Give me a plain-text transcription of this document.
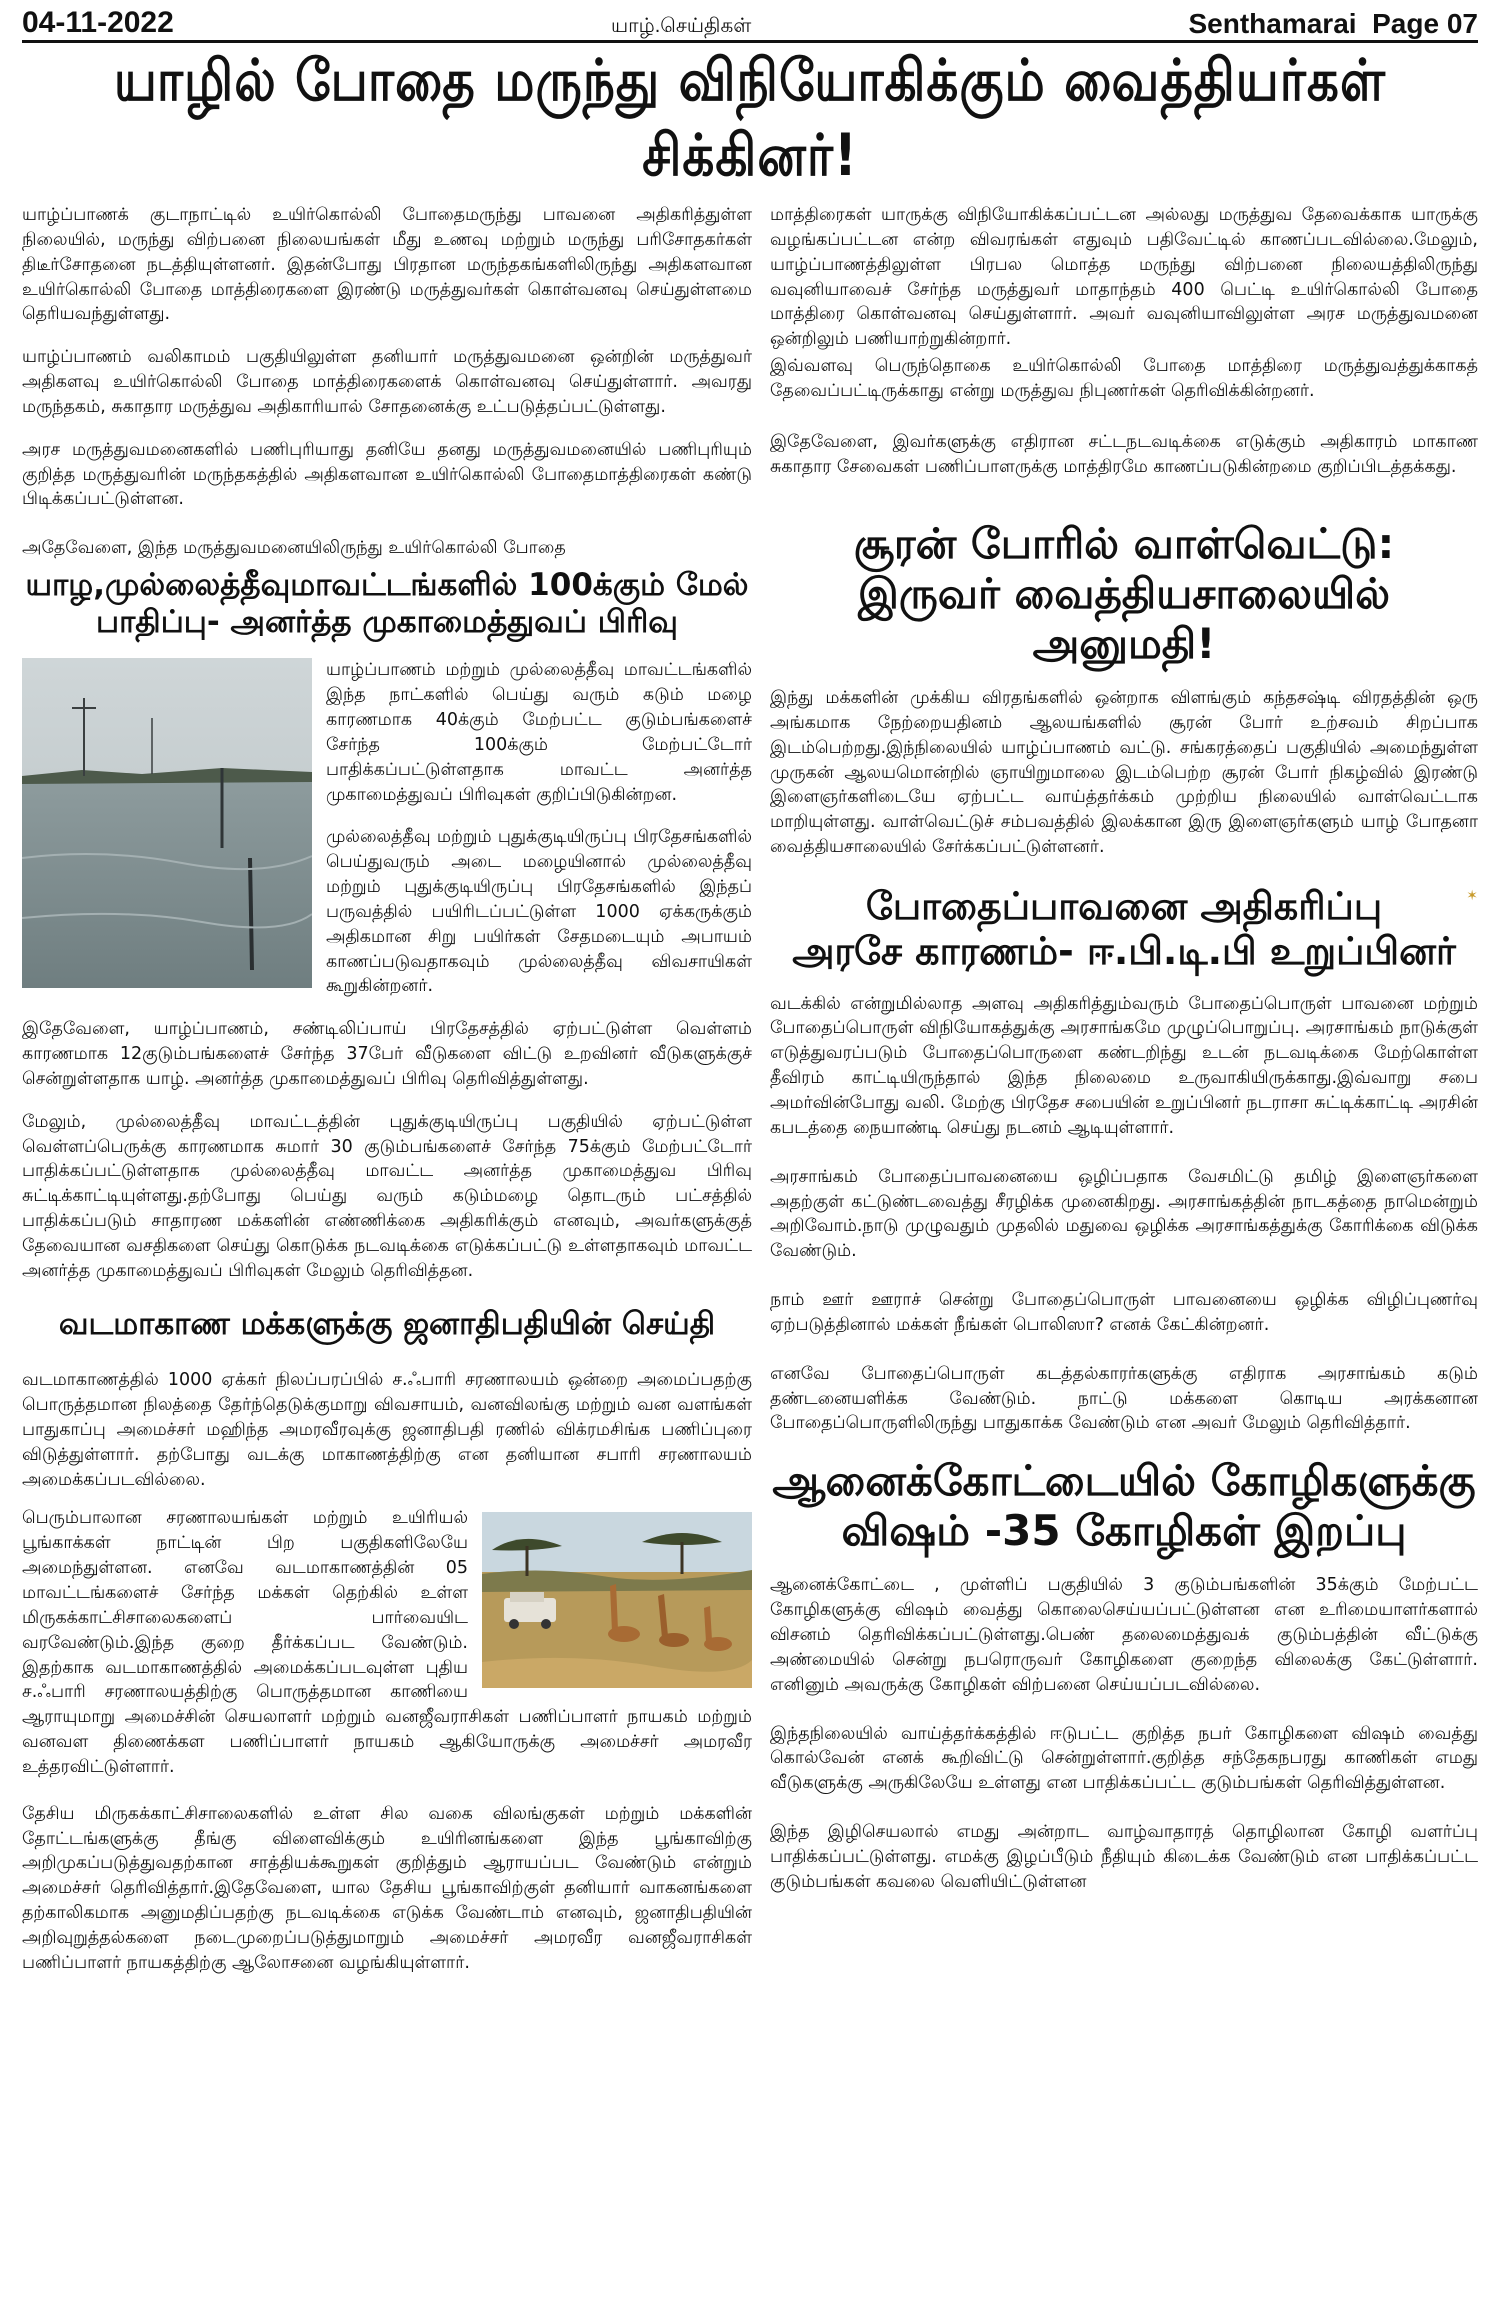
04-11-2022	யாழ்.செய்திகள்	Senthamarai Page 07
யாழில் போதை மருந்து விநியோகிக்கும் வைத்தியர்கள் சிக்கினர்!

யாழ்ப்பாணக் குடாநாட்டில் உயிர்கொல்லி போதைமருந்து பாவனை அதிகரித்துள்ள நிலையில், மருந்து விற்பனை நிலையங்கள் மீது உணவு மற்றும் மருந்து பரிசோதகர்கள் திடீர்சோதனை நடத்தியுள்ளனர். இதன்போது பிரதான மருந்தகங்களிலிருந்து அதிகளவான உயிர்கொல்லி போதை மாத்திரைகளை இரண்டு மருத்துவர்கள் கொள்வனவு செய்துள்ளமை தெரியவந்துள்ளது.

யாழ்ப்பாணம் வலிகாமம் பகுதியிலுள்ள தனியார் மருத்துவமனை ஒன்றின் மருத்துவர் அதிகளவு உயிர்கொல்லி போதை மாத்திரைகளைக் கொள்வனவு செய்துள்ளார். அவரது மருந்தகம், சுகாதார மருத்துவ அதிகாரியால் சோதனைக்கு உட்படுத்தப்பட்டுள்ளது.

அரச மருத்துவமனைகளில் பணிபுரியாது தனியே தனது மருத்துவமனையில் பணிபுரியும் குறித்த மருத்துவரின் மருந்தகத்தில் அதிகளவான உயிர்கொல்லி போதைமாத்திரைகள் கண்டு பிடிக்கப்பட்டுள்ளன.

அதேவேளை, இந்த மருத்துவமனையிலிருந்து உயிர்கொல்லி போதை

யாழ,முல்லைத்தீவுமாவட்டங்களில் 100க்கும் மேல்
பாதிப்பு- அனர்த்த முகாமைத்துவப் பிரிவு

யாழ்ப்பாணம் மற்றும் முல்லைத்தீவு மாவட்டங்களில் இந்த நாட்களில் பெய்து வரும் கடும் மழை காரணமாக 40க்கும் மேற்பட்ட குடும்பங்களைச் சேர்ந்த 100க்கும் மேற்பட்டோர் பாதிக்கப்பட்டுள்ளதாக மாவட்ட அனர்த்த முகாமைத்துவப் பிரிவுகள் குறிப்பிடுகின்றன.

முல்லைத்தீவு மற்றும் புதுக்குடியிருப்பு பிரதேசங்களில் பெய்துவரும் அடை மழையினால் முல்லைத்தீவு மற்றும் புதுக்குடியிருப்பு பிரதேசங்களில் இந்தப் பருவத்தில் பயிரிடப்பட்டுள்ள 1000 ஏக்கருக்கும் அதிகமான சிறு பயிர்கள் சேதமடையும் அபாயம் காணப்படுவதாகவும் முல்லைத்தீவு விவசாயிகள் கூறுகின்றனர்.

இதேவேளை, யாழ்ப்பாணம், சண்டிலிப்பாய் பிரதேசத்தில் ஏற்பட்டுள்ள வெள்ளம் காரணமாக 12குடும்பங்களைச் சேர்ந்த 37பேர் வீடுகளை விட்டு உறவினர் வீடுகளுக்குச் சென்றுள்ளதாக யாழ். அனர்த்த முகாமைத்துவப் பிரிவு தெரிவித்துள்ளது.

மேலும், முல்லைத்தீவு மாவட்டத்தின் புதுக்குடியிருப்பு பகுதியில் ஏற்பட்டுள்ள வெள்ளப்பெருக்கு காரணமாக சுமார் 30 குடும்பங்களைச் சேர்ந்த 75க்கும் மேற்பட்டோர் பாதிக்கப்பட்டுள்ளதாக முல்லைத்தீவு மாவட்ட அனர்த்த முகாமைத்துவ பிரிவு சுட்டிக்காட்டியுள்ளது.தற்போது பெய்து வரும் கடும்மழை தொடரும் பட்சத்தில் பாதிக்கப்படும் சாதாரண மக்களின் எண்ணிக்கை அதிகரிக்கும் எனவும், அவர்களுக்குத் தேவையான வசதிகளை செய்து கொடுக்க நடவடிக்கை எடுக்கப்பட்டு உள்ளதாகவும் மாவட்ட அனர்த்த முகாமைத்துவப் பிரிவுகள் மேலும் தெரிவித்தன.

வடமாகாண மக்களுக்கு ஜனாதிபதியின் செய்தி

வடமாகாணத்தில் 1000 ஏக்கர் நிலப்பரப்பில் ச.ஃபாரி சரணாலயம் ஒன்றை அமைப்பதற்கு பொருத்தமான நிலத்தை தேர்ந்தெடுக்குமாறு விவசாயம், வனவிலங்கு மற்றும் வன வளங்கள் பாதுகாப்பு அமைச்சர் மஹிந்த அமரவீரவுக்கு ஜனாதிபதி ரணில் விக்ரமசிங்க பணிப்புரை விடுத்துள்ளார். தற்போது வடக்கு மாகாணத்திற்கு என தனியான சபாரி சரணாலயம் அமைக்கப்படவில்லை.

பெரும்பாலான சரணாலயங்கள் மற்றும் உயிரியல் பூங்காக்கள் நாட்டின் பிற பகுதிகளிலேயே அமைந்துள்ளன. எனவே வடமாகாணத்தின் 05 மாவட்டங்களைச் சேர்ந்த மக்கள் தெற்கில் உள்ள மிருகக்காட்சிசாலைகளைப் பார்வையிட வரவேண்டும்.இந்த குறை தீர்க்கப்பட வேண்டும். இதற்காக வடமாகாணத்தில் அமைக்கப்படவுள்ள புதிய ச.ஃபாரி சரணாலயத்திற்கு பொருத்தமான காணியை ஆராயுமாறு அமைச்சின் செயலாளர் மற்றும் வனஜீவராசிகள் பணிப்பாளர் நாயகம் மற்றும் வனவள திணைக்கள பணிப்பாளர் நாயகம் ஆகியோருக்கு அமைச்சர் அமரவீர உத்தரவிட்டுள்ளார்.

தேசிய மிருகக்காட்சிசாலைகளில் உள்ள சில வகை விலங்குகள் மற்றும் மக்களின் தோட்டங்களுக்கு தீங்கு விளைவிக்கும் உயிரினங்களை இந்த பூங்காவிற்கு அறிமுகப்படுத்துவதற்கான சாத்தியக்கூறுகள் குறித்தும் ஆராயப்பட வேண்டும் என்றும் அமைச்சர் தெரிவித்தார்.இதேவேளை, யால தேசிய பூங்காவிற்குள் தனியார் வாகனங்களை தற்காலிகமாக அனுமதிப்பதற்கு நடவடிக்கை எடுக்க வேண்டாம் எனவும், ஜனாதிபதியின் அறிவுறுத்தல்களை நடைமுறைப்படுத்துமாறும் அமைச்சர் அமரவீர வனஜீவராசிகள் பணிப்பாளர் நாயகத்திற்கு ஆலோசனை வழங்கியுள்ளார்.

மாத்திரைகள் யாருக்கு விநியோகிக்கப்பட்டன அல்லது மருத்துவ தேவைக்காக யாருக்கு வழங்கப்பட்டன என்ற விவரங்கள் எதுவும் பதிவேட்டில் காணப்படவில்லை.மேலும், யாழ்ப்பாணத்திலுள்ள பிரபல மொத்த மருந்து விற்பனை நிலையத்திலிருந்து வவுனியாவைச் சேர்ந்த மருத்துவர் மாதாந்தம் 400 பெட்டி உயிர்கொல்லி போதை மாத்திரை கொள்வனவு செய்துள்ளார். அவர் வவுனியாவிலுள்ள அரச மருத்துவமனை ஒன்றிலும் பணியாற்றுகின்றார்.

இவ்வளவு பெருந்தொகை உயிர்கொல்லி போதை மாத்திரை மருத்துவத்துக்காகத் தேவைப்பட்டிருக்காது என்று மருத்துவ நிபுணர்கள் தெரிவிக்கின்றனர்.

இதேவேளை, இவர்களுக்கு எதிரான சட்டநடவடிக்கை எடுக்கும் அதிகாரம் மாகாண சுகாதார சேவைகள் பணிப்பாளருக்கு மாத்திரமே காணப்படுகின்றமை குறிப்பிடத்தக்கது.

சூரன் போரில் வாள்வெட்டு:
இருவர் வைத்தியசாலையில் அனுமதி!

இந்து மக்களின் முக்கிய விரதங்களில் ஒன்றாக விளங்கும் கந்தசஷ்டி விரதத்தின் ஒரு அங்கமாக நேற்றையதினம் ஆலயங்களில் சூரன் போர் உற்சவம் சிறப்பாக இடம்பெற்றது.இந்நிலையில் யாழ்ப்பாணம் வட்டு. சங்கரத்தைப் பகுதியில் அமைந்துள்ள முருகன் ஆலயமொன்றில் ஞாயிறுமாலை இடம்பெற்ற சூரன் போர் நிகழ்வில் இரண்டு இளைஞர்களிடையே ஏற்பட்ட வாய்த்தர்க்கம் முற்றிய நிலையில் வாள்வெட்டாக மாறியுள்ளது. வாள்வெட்டுச் சம்பவத்தில் இலக்கான இரு இளைஞர்களும் யாழ் போதனா வைத்தியசாலையில் சேர்க்கப்பட்டுள்ளனர்.

✶
போதைப்பாவனை அதிகரிப்பு
அரசே காரணம்- ஈ.பி.டி.பி உறுப்பினர்

வடக்கில் என்றுமில்லாத அளவு அதிகரித்தும்வரும் போதைப்பொருள் பாவனை மற்றும் போதைப்பொருள் விநியோகத்துக்கு அரசாங்கமே முழுப்பொறுப்பு. அரசாங்கம் நாடுக்குள் எடுத்துவரப்படும் போதைப்பொருளை கண்டறிந்து உடன் நடவடிக்கை மேற்கொள்ள தீவிரம் காட்டியிருந்தால் இந்த நிலைமை உருவாகியிருக்காது.இவ்வாறு சபை அமர்வின்போது வலி. மேற்கு பிரதேச சபையின் உறுப்பினர் நடராசா சுட்டிக்காட்டி அரசின் கபடத்தை நையாண்டி செய்து நடனம் ஆடியுள்ளார்.

அரசாங்கம் போதைப்பாவனையை ஒழிப்பதாக வேசமிட்டு தமிழ் இளைஞர்களை அதற்குள் கட்டுண்டவைத்து சீரழிக்க முனைகிறது. அரசாங்கத்தின் நாடகத்தை நாமென்றும் அறிவோம்.நாடு முழுவதும் முதலில் மதுவை ஒழிக்க அரசாங்கத்துக்கு கோரிக்கை விடுக்க வேண்டும்.

நாம் ஊர் ஊராச் சென்று போதைப்பொருள் பாவனையை ஒழிக்க விழிப்புணர்வு ஏற்படுத்தினால் மக்கள் நீங்கள் பொலிஸா? எனக் கேட்கின்றனர்.

எனவே போதைப்பொருள் கடத்தல்காரர்களுக்கு எதிராக அரசாங்கம் கடும் தண்டனையளிக்க வேண்டும். நாட்டு மக்களை கொடிய அரக்கனான போதைப்பொருளிலிருந்து பாதுகாக்க வேண்டும் என அவர் மேலும் தெரிவித்தார்.

ஆனைக்கோட்டையில் கோழிகளுக்கு
விஷம் -35 கோழிகள் இறப்பு

ஆனைக்கோட்டை , முள்ளிப் பகுதியில் 3 குடும்பங்களின் 35க்கும் மேற்பட்ட கோழிகளுக்கு விஷம் வைத்து கொலைசெய்யப்பட்டுள்ளன என உரிமையாளர்களால் விசனம் தெரிவிக்கப்பட்டுள்ளது.பெண் தலைமைத்துவக் குடும்பத்தின் வீட்டுக்கு அண்மையில் சென்று நபரொருவர் கோழிகளை குறைந்த விலைக்கு கேட்டுள்ளார். எனினும் அவருக்கு கோழிகள் விற்பனை செய்யப்படவில்லை.

இந்தநிலையில் வாய்த்தர்க்கத்தில் ஈடுபட்ட குறித்த நபர் கோழிகளை விஷம் வைத்து கொல்வேன் எனக் கூறிவிட்டு சென்றுள்ளார்.குறித்த சந்தேகநபரது காணிகள் எமது வீடுகளுக்கு அருகிலேயே உள்ளது என பாதிக்கப்பட்ட குடும்பங்கள் தெரிவித்துள்ளன.

இந்த இழிசெயலால் எமது அன்றாட வாழ்வாதாரத் தொழிலான கோழி வளர்ப்பு பாதிக்கப்பட்டுள்ளது. எமக்கு இழப்பீடும் நீதியும் கிடைக்க வேண்டும் என பாதிக்கப்பட்ட குடும்பங்கள் கவலை வெளியிட்டுள்ளன
